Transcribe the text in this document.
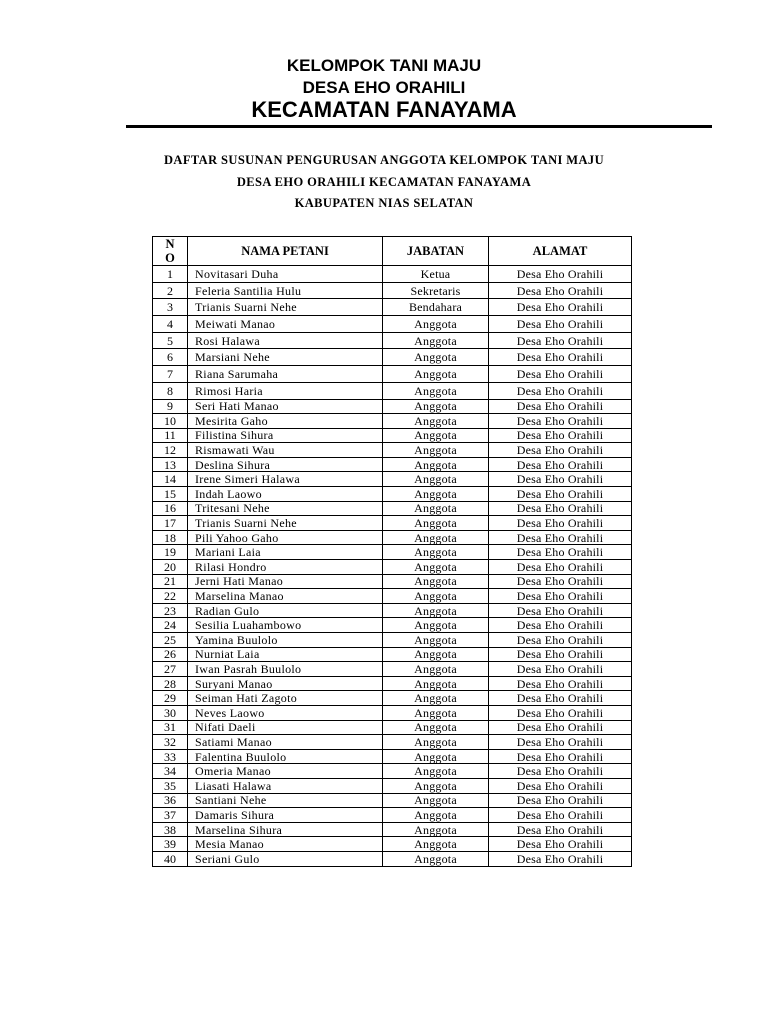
KELOMPOK TANI MAJU
DESA EHO ORAHILI
KECAMATAN FANAYAMA
DAFTAR SUSUNAN PENGURUSAN ANGGOTA KELOMPOK TANI MAJU
DESA EHO ORAHILI KECAMATAN FANAYAMA
KABUPATEN NIAS SELATAN
N
O	NAMA PETANI	JABATAN	ALAMAT
1	Novitasari Duha	Ketua	Desa Eho Orahili
2	Feleria Santilia Hulu	Sekretaris	Desa Eho Orahili
3	Trianis Suarni Nehe	Bendahara	Desa Eho Orahili
4	Meiwati Manao	Anggota	Desa Eho Orahili
5	Rosi Halawa	Anggota	Desa Eho Orahili
6	Marsiani Nehe	Anggota	Desa Eho Orahili
7	Riana Sarumaha	Anggota	Desa Eho Orahili
8	Rimosi Haria	Anggota	Desa Eho Orahili
9	Seri Hati Manao	Anggota	Desa Eho Orahili
10	Mesirita Gaho	Anggota	Desa Eho Orahili
11	Filistina Sihura	Anggota	Desa Eho Orahili
12	Rismawati Wau	Anggota	Desa Eho Orahili
13	Deslina Sihura	Anggota	Desa Eho Orahili
14	Irene Simeri Halawa	Anggota	Desa Eho Orahili
15	Indah Laowo	Anggota	Desa Eho Orahili
16	Tritesani Nehe	Anggota	Desa Eho Orahili
17	Trianis Suarni Nehe	Anggota	Desa Eho Orahili
18	Pili Yahoo Gaho	Anggota	Desa Eho Orahili
19	Mariani Laia	Anggota	Desa Eho Orahili
20	Rilasi Hondro	Anggota	Desa Eho Orahili
21	Jerni Hati Manao	Anggota	Desa Eho Orahili
22	Marselina Manao	Anggota	Desa Eho Orahili
23	Radian Gulo	Anggota	Desa Eho Orahili
24	Sesilia Luahambowo	Anggota	Desa Eho Orahili
25	Yamina Buulolo	Anggota	Desa Eho Orahili
26	Nurniat Laia	Anggota	Desa Eho Orahili
27	Iwan Pasrah Buulolo	Anggota	Desa Eho Orahili
28	Suryani Manao	Anggota	Desa Eho Orahili
29	Seiman Hati Zagoto	Anggota	Desa Eho Orahili
30	Neves Laowo	Anggota	Desa Eho Orahili
31	Nifati Daeli	Anggota	Desa Eho Orahili
32	Satiami Manao	Anggota	Desa Eho Orahili
33	Falentina Buulolo	Anggota	Desa Eho Orahili
34	Omeria Manao	Anggota	Desa Eho Orahili
35	Liasati Halawa	Anggota	Desa Eho Orahili
36	Santiani Nehe	Anggota	Desa Eho Orahili
37	Damaris Sihura	Anggota	Desa Eho Orahili
38	Marselina Sihura	Anggota	Desa Eho Orahili
39	Mesia Manao	Anggota	Desa Eho Orahili
40	Seriani Gulo	Anggota	Desa Eho Orahili
